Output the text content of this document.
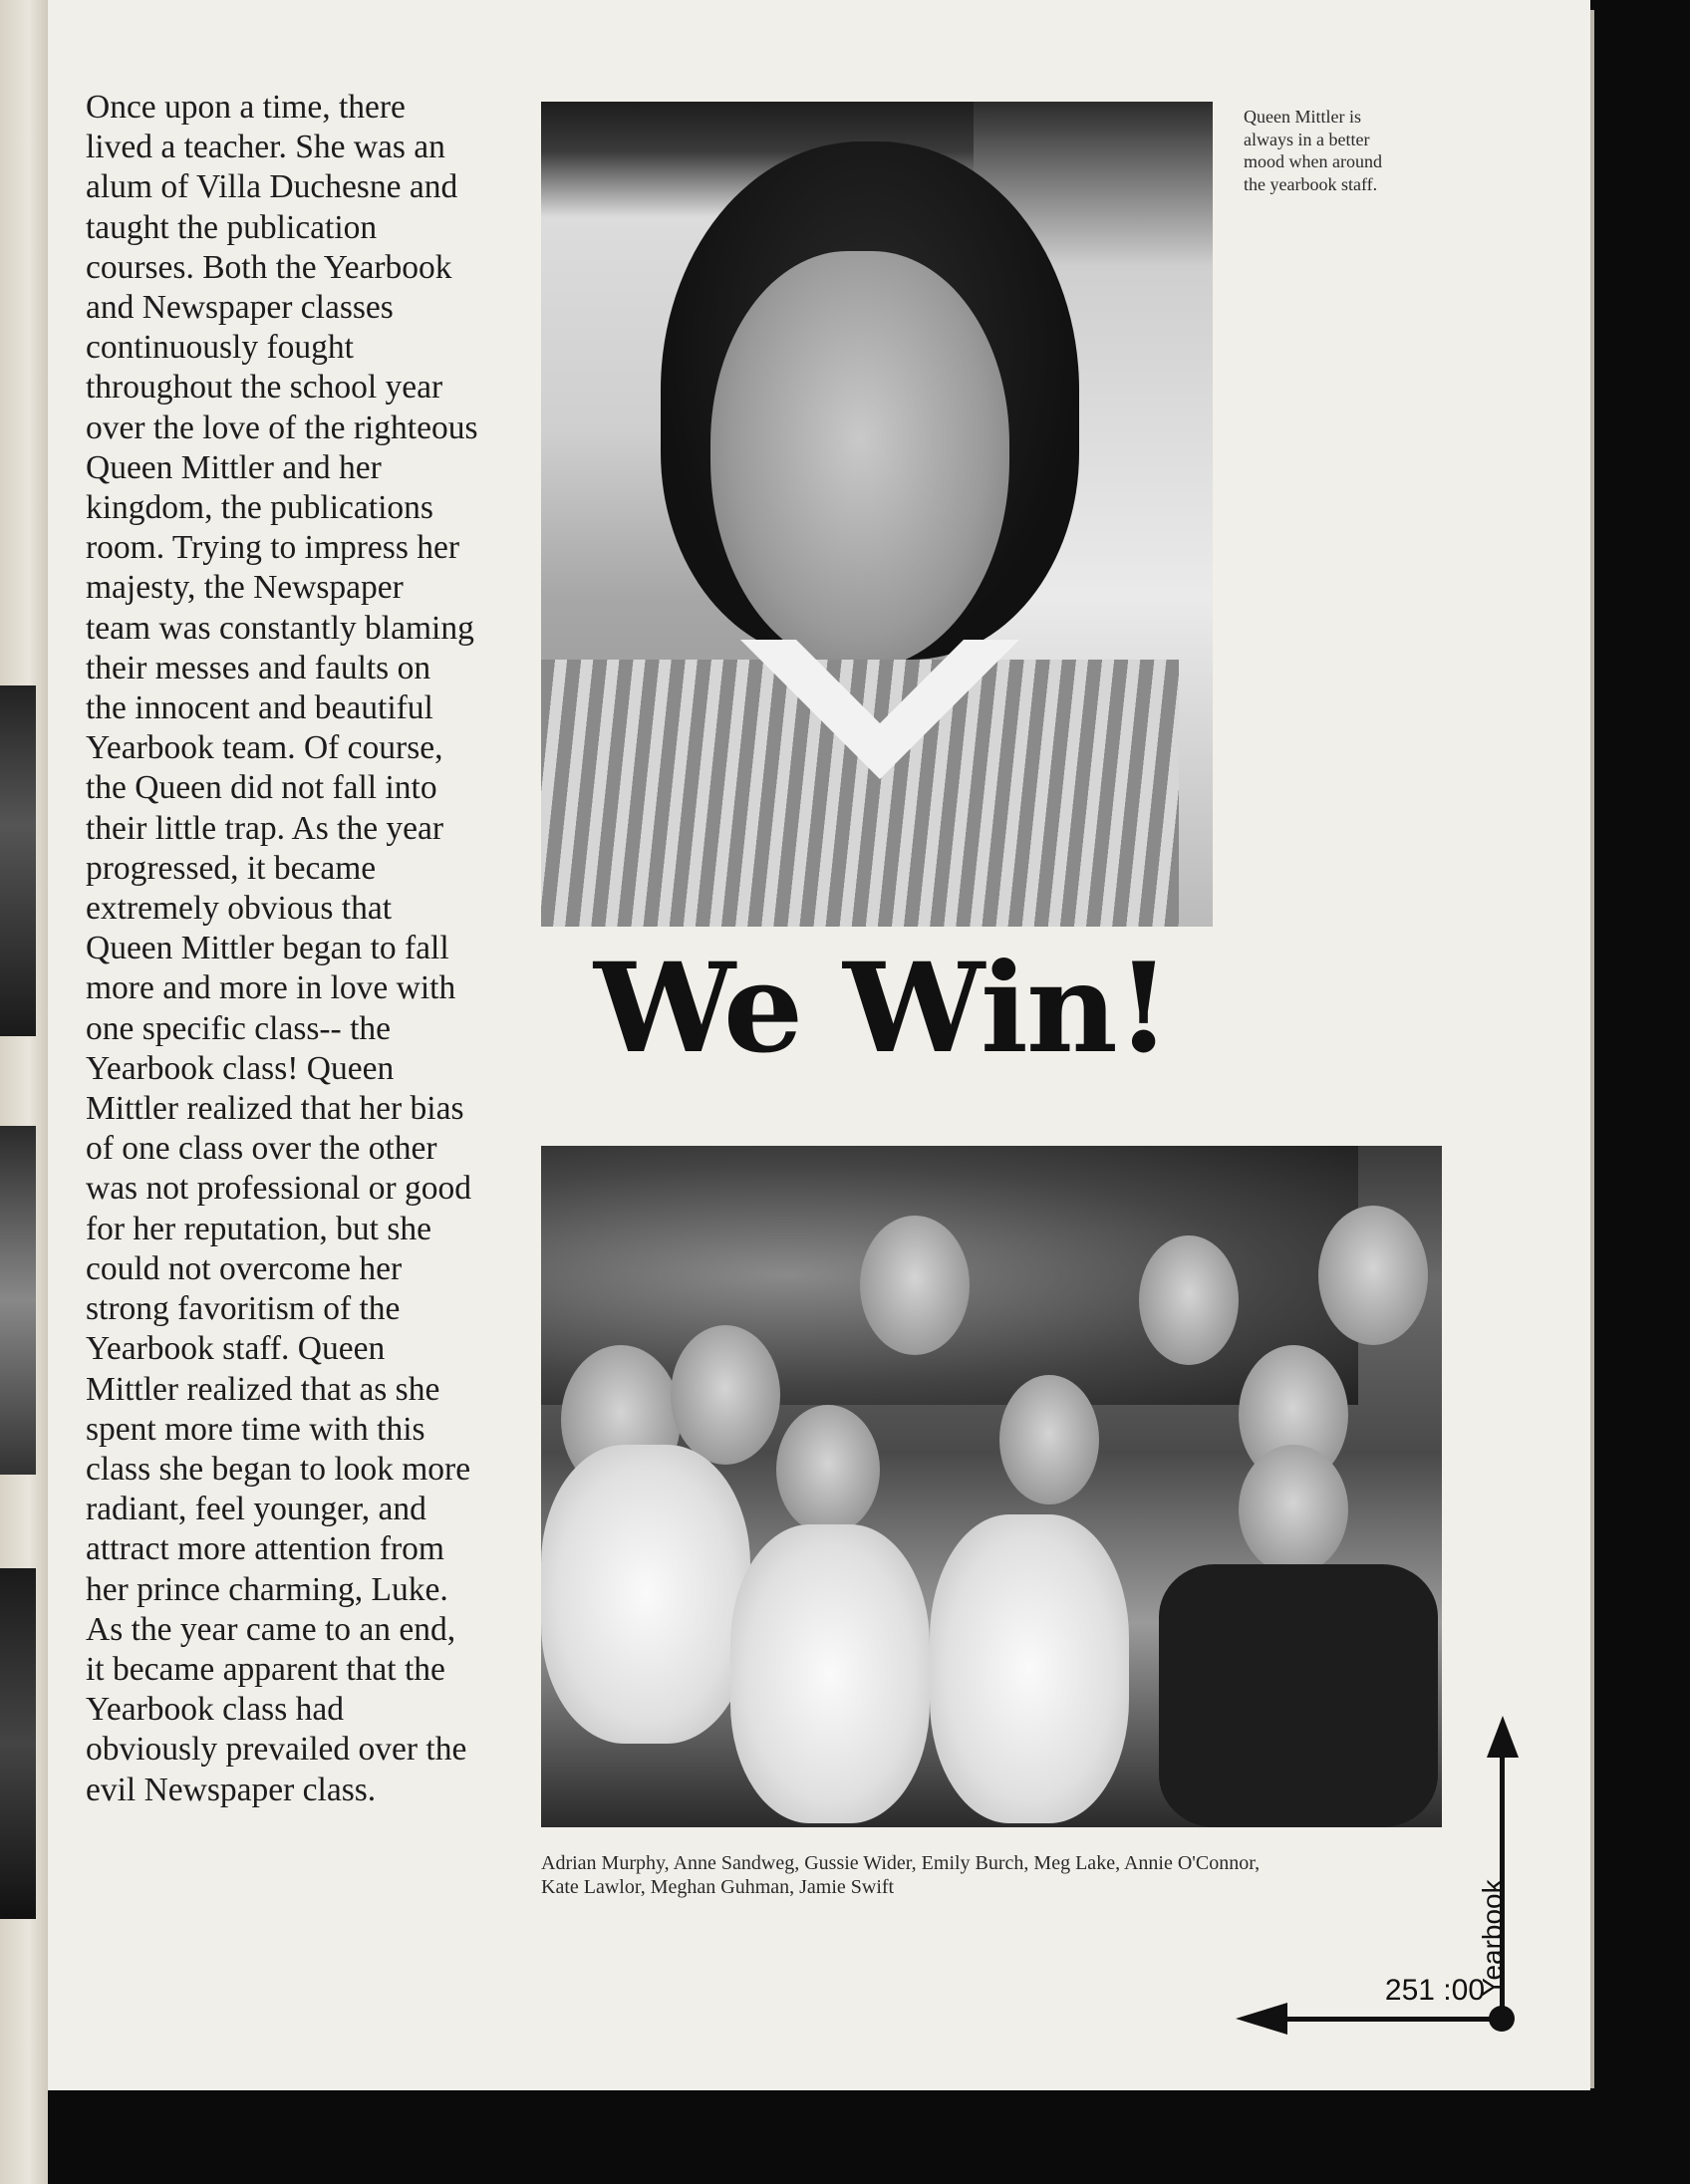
Once upon a time, there
lived a teacher. She was an
alum of Villa Duchesne and
taught the publication
courses. Both the Yearbook
and Newspaper classes
continuously fought
throughout the school year
over the love of the righteous
Queen Mittler and her
kingdom, the publications
room. Trying to impress her
majesty, the Newspaper
team was constantly blaming
their messes and faults on
the innocent and beautiful
Yearbook team. Of course,
the Queen did not fall into
their little trap. As the year
progressed, it became
extremely obvious that
Queen Mittler began to fall
more and more in love with
one specific class-- the
Yearbook class! Queen
Mittler realized that her bias
of one class over the other
was not professional or good
for her reputation, but she
could not overcome her
strong favoritism of the
Yearbook staff. Queen
Mittler realized that as she
spent more time with this
class she began to look more
radiant, feel younger, and
attract more attention from
her prince charming, Luke.
As the year came to an end,
it became apparent that the
Yearbook class had
obviously prevailed over the
evil Newspaper class.

Queen Mittler is
always in a better
mood when around
the yearbook staff.

We Win!

Adrian Murphy, Anne Sandweg, Gussie Wider, Emily Burch, Meg Lake, Annie O'Connor,
Kate Lawlor, Meghan Guhman, Jamie Swift	Yearbook

251 :00
